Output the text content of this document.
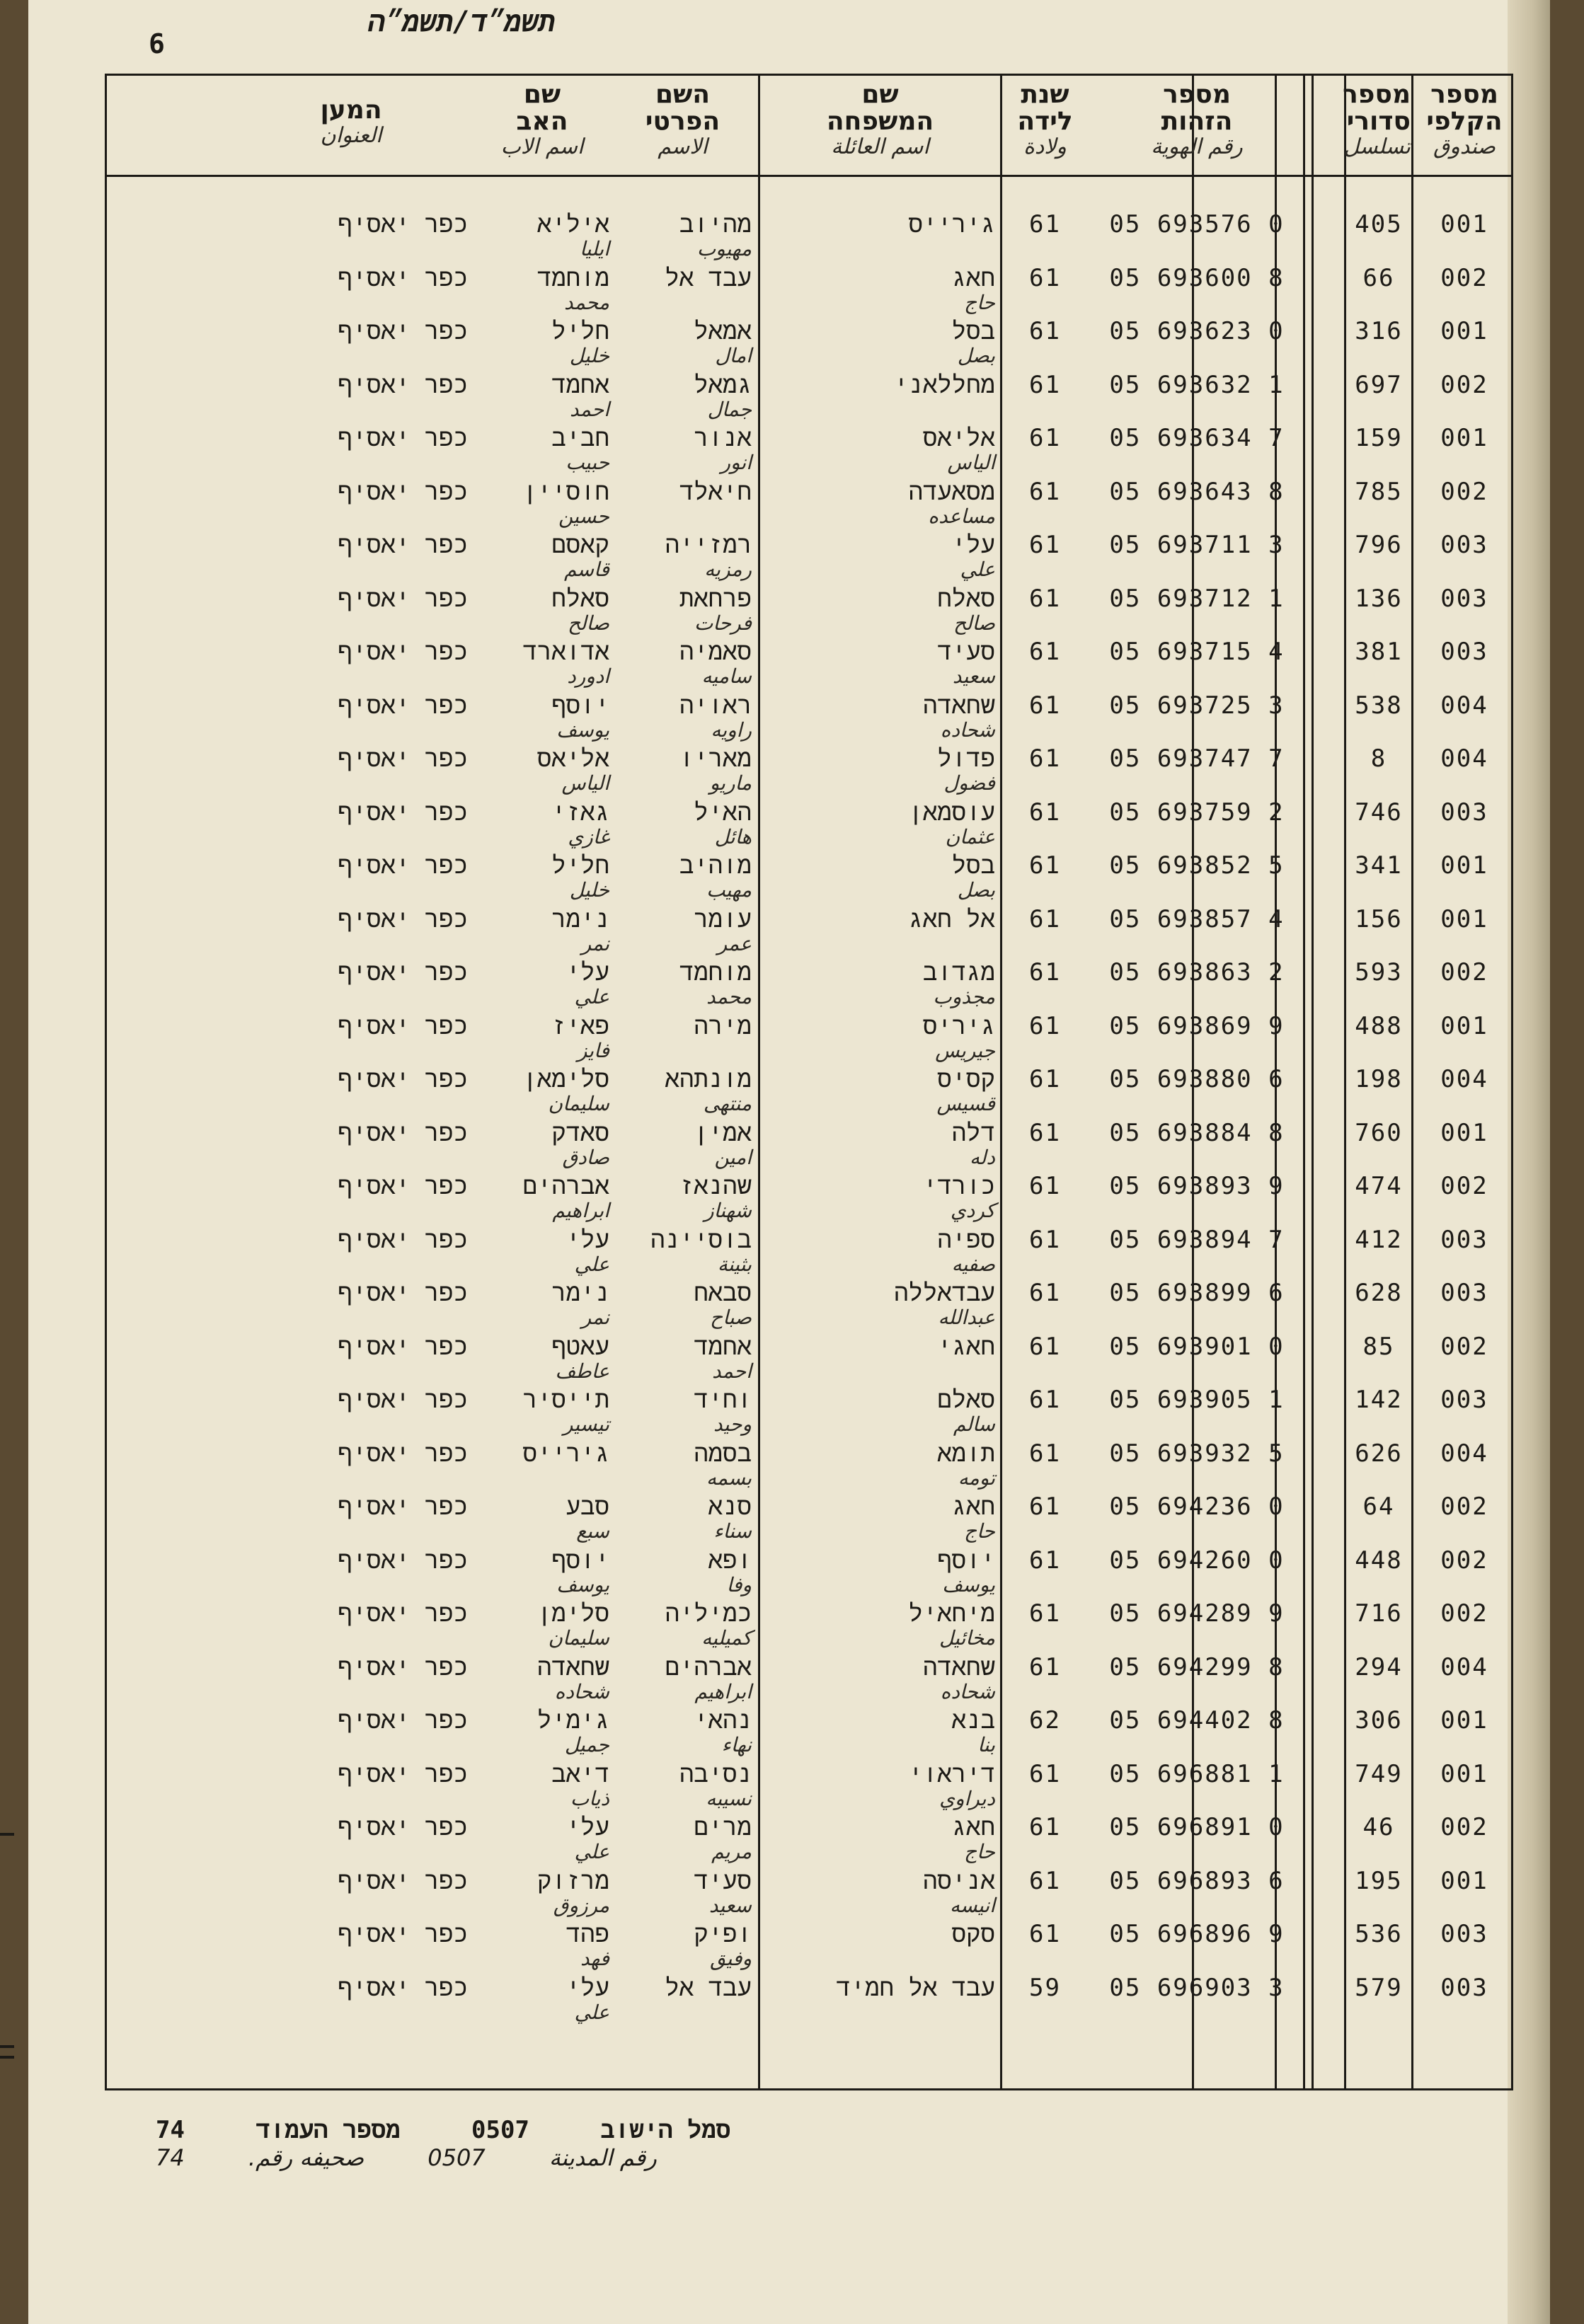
6
תשמ״ד/תשמ״ה
מספר
הקלפי
صندوق
מספר
סדורי
تسلسل
מספר
הזהות
رقم الهوية
שנת
לידה
ولادة
שם
המשפחה
اسم العائلة
השם
הפרטי
الاسم
שם
האב
اسم الاب
המען
العنوان
001
405
05 693576 0
61
גירייס
מהיוב
مهيوب
איליא
ايليا
כפר יאסיף
002
66
05 693600 8
61
חאג
حاج
עבד אל
מוחמד
محمد
כפר יאסיף
001
316
05 693623 0
61
בסל
بصل
אמאל
امال
חליל
خليل
כפר יאסיף
002
697
05 693632 1
61
מחללאני
גמאל
جمال
אחמד
احمد
כפר יאסיף
001
159
05 693634 7
61
אליאס
الياس
אנור
انور
חביב
حبيب
כפר יאסיף
002
785
05 693643 8
61
מסאעדה
مساعده
חיאלד
חוסיין
حسين
כפר יאסיף
003
796
05 693711 3
61
עלי
علي
רמזייה
رمزيه
קאסם
قاسم
כפר יאסיף
003
136
05 693712 1
61
סאלח
صالح
פרחאת
فرحات
סאלח
صالح
כפר יאסיף
003
381
05 693715 4
61
סעיד
سعيد
סאמיה
ساميه
אדוארד
ادورد
כפר יאסיף
004
538
05 693725 3
61
שחאדה
شحاده
ראויה
راويه
יוסף
يوسف
כפר יאסיף
004
8
05 693747 7
61
פדול
فضول
מאריו
ماريو
אליאס
الياس
כפר יאסיף
003
746
05 693759 2
61
עוסמאן
عثمان
האיל
هائل
גאזי
غازي
כפר יאסיף
001
341
05 693852 5
61
בסל
بصل
מוהיב
مهيب
חליל
خليل
כפר יאסיף
001
156
05 693857 4
61
אל חאג
עומר
عمر
נימר
نمر
כפר יאסיף
002
593
05 693863 2
61
מגדוב
مجذوب
מוחמד
محمد
עלי
علي
כפר יאסיף
001
488
05 693869 9
61
גיריס
جيريس
מירה
פאיז
فايز
כפר יאסיף
004
198
05 693880 6
61
קסיס
قسيس
מונתהא
منتهى
סלימאן
سليمان
כפר יאסיף
001
760
05 693884 8
61
דלה
دله
אמין
امين
סאדק
صادق
כפר יאסיף
002
474
05 693893 9
61
כורדי
كردي
שהנאז
شهناز
אברהים
ابراهيم
כפר יאסיף
003
412
05 693894 7
61
ספיה
صفيه
בוסיינה
بثينة
עלי
علي
כפר יאסיף
003
628
05 693899 6
61
עבדאללה
عبدالله
סבאח
صباح
נימר
نمر
כפר יאסיף
002
85
05 693901 0
61
חאגי
אחמד
احمد
עאטף
عاطف
כפר יאסיף
003
142
05 693905 1
61
סאלם
سالم
וחיד
وحيد
תייסיר
تيسير
כפר יאסיף
004
626
05 693932 5
61
תומא
تومه
בסמה
بسمه
גירייס
כפר יאסיף
002
64
05 694236 0
61
חאג
حاج
סנא
سناء
סבע
سبع
כפר יאסיף
002
448
05 694260 0
61
יוסף
يوسف
ופא
وفا
יוסף
يوسف
כפר יאסיף
002
716
05 694289 9
61
מיחאיל
مخائيل
כמיליה
كميليه
סלימן
سليمان
כפר יאסיף
004
294
05 694299 8
61
שחאדה
شحاده
אברהים
ابراهيم
שחאדה
شحاده
כפר יאסיף
001
306
05 694402 8
62
בנא
بنا
נהאי
نهاء
גימיל
جميل
כפר יאסיף
001
749
05 696881 1
61
דיראוי
ديراوي
נסיבה
نسيبه
דיאב
ذياب
כפר יאסיף
002
46
05 696891 0
61
חאג
حاج
מרים
مريم
עלי
علي
כפר יאסיף
001
195
05 696893 6
61
אניסה
انيسه
סעיד
سعيد
מרזוק
مرزوق
כפר יאסיף
003
536
05 696896 9
61
סקס
ופיק
وفيق
פהד
فهد
כפר יאסיף
003
579
05 696903 3
59
עבד אל חמיד
עבד אל
עלי
علي
כפר יאסיף
סמל הישוב 0507 מספר העמוד 74
رقم المدينة 0507 صحيفه رقم. 74
